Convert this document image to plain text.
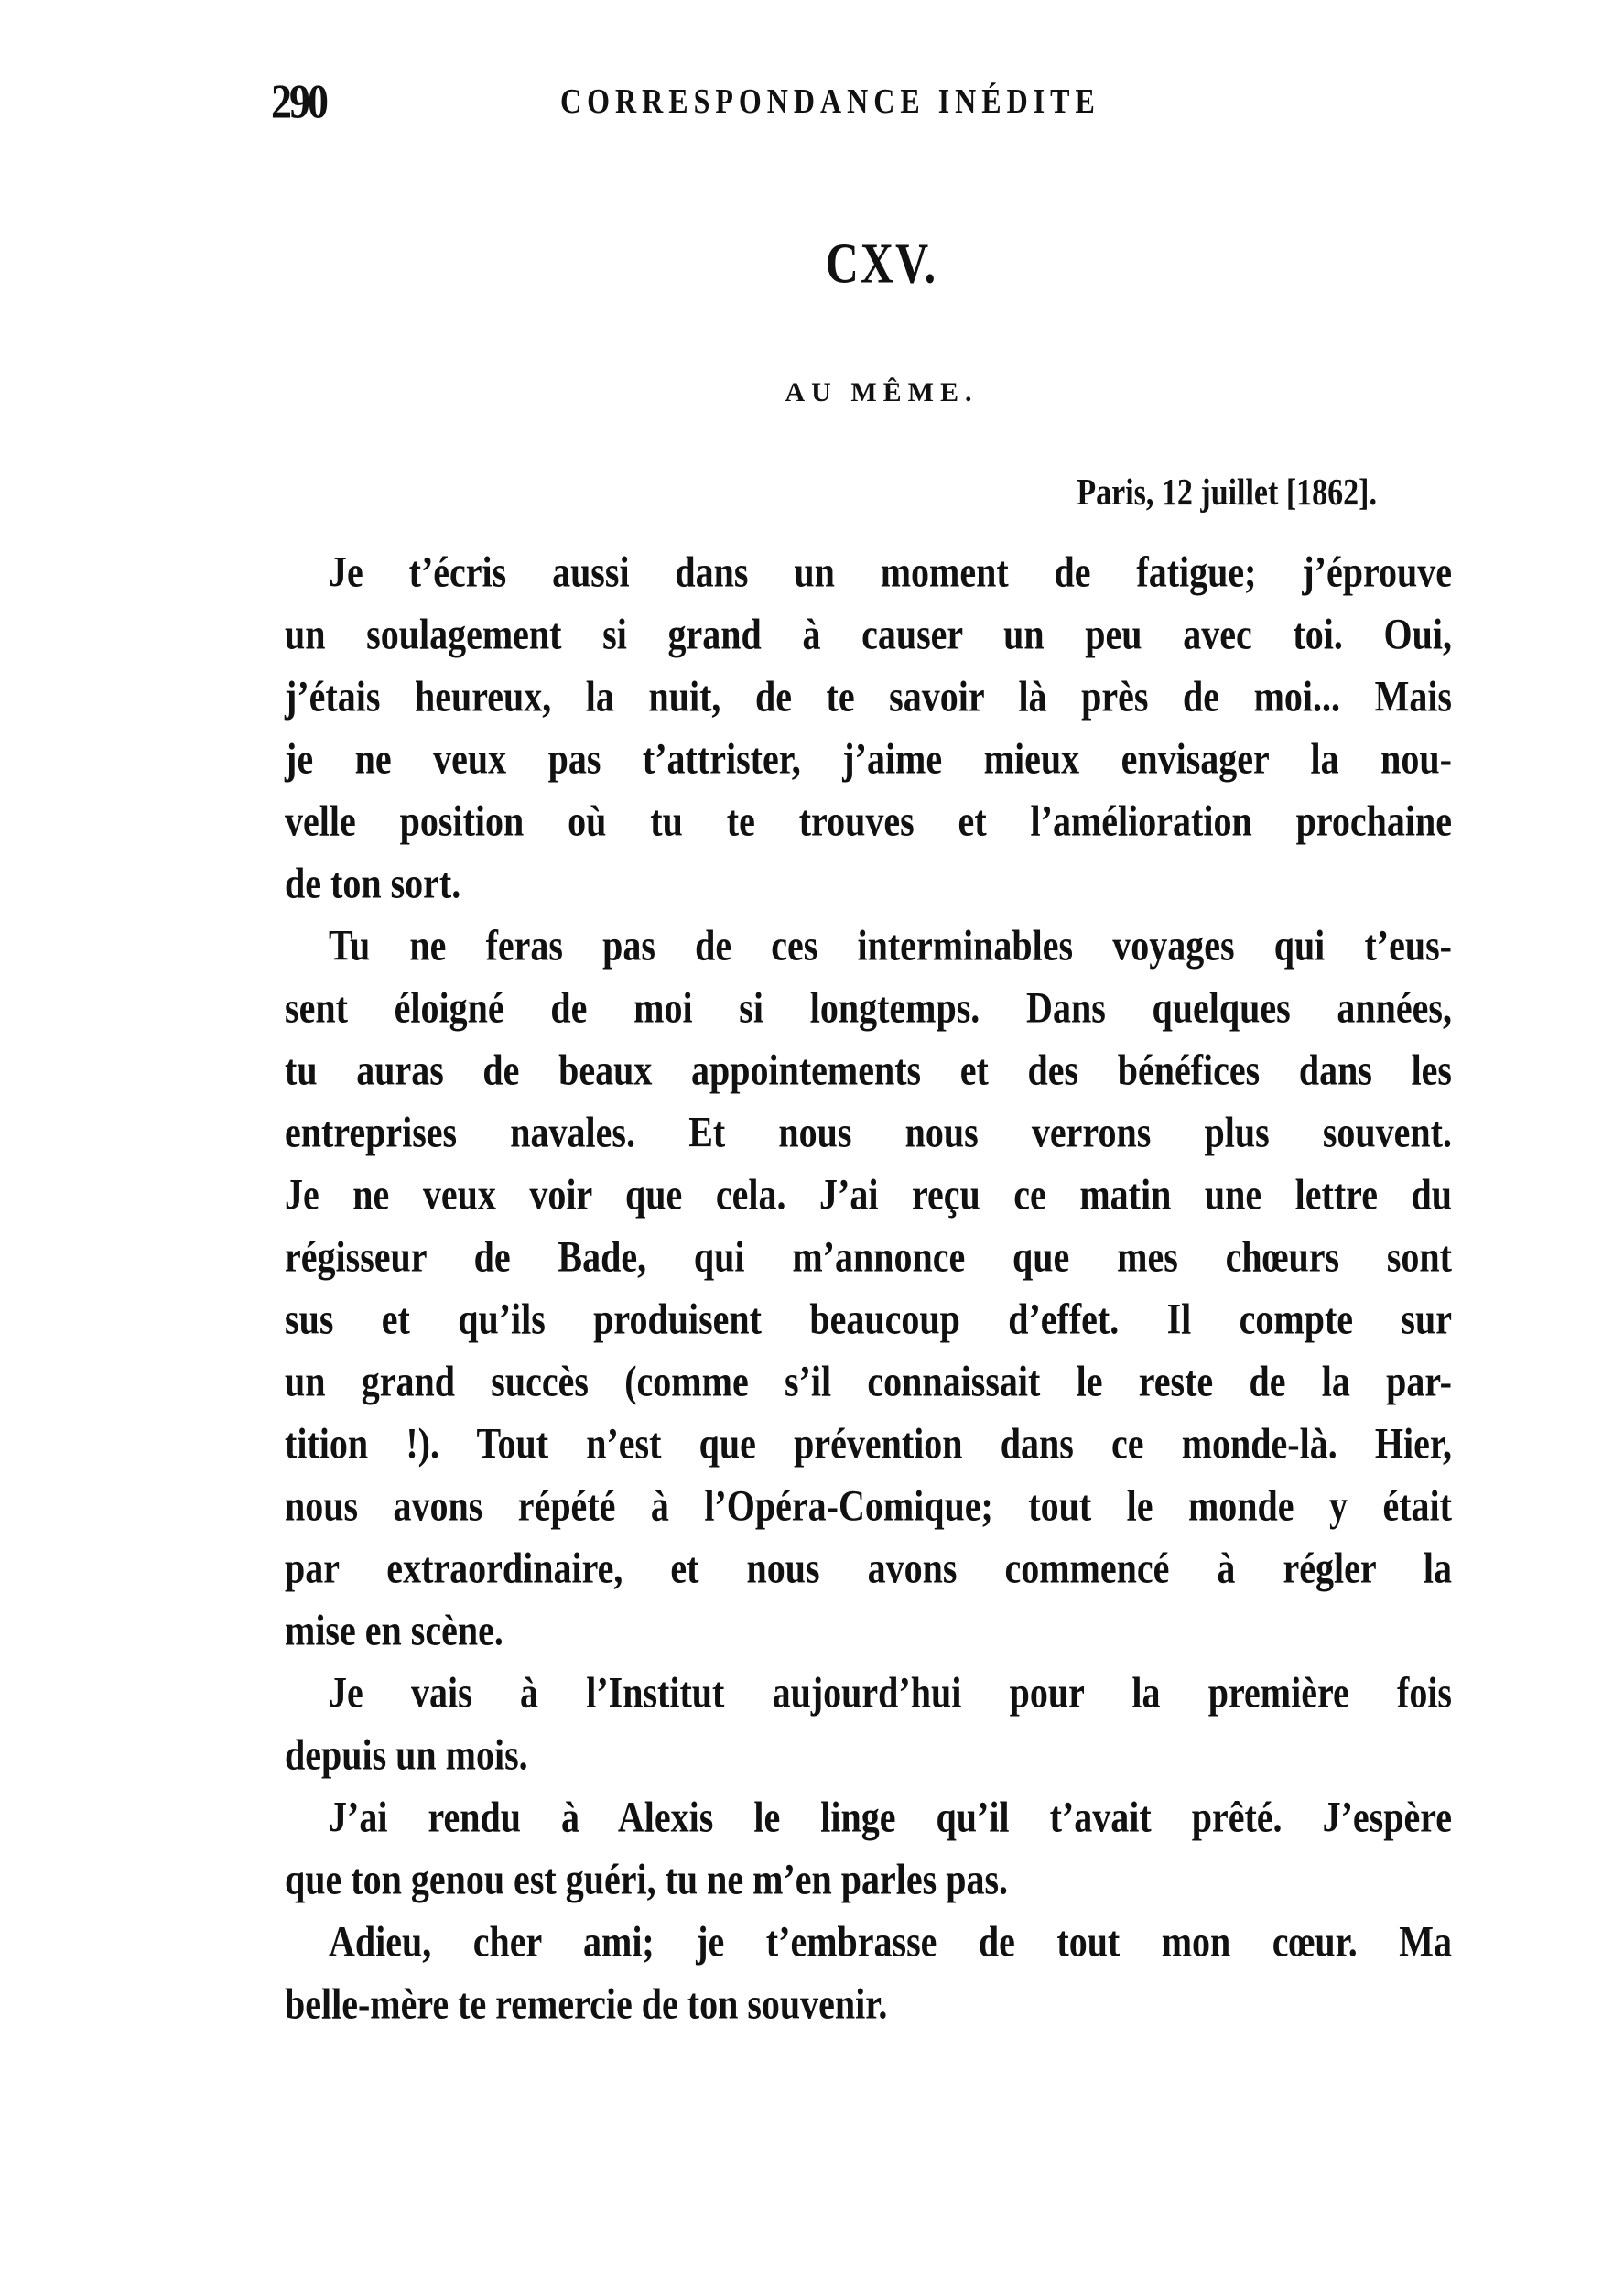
290	CORRESPONDANCE INÉDITE
CXV.
AU MÊME.
Paris, 12 juillet [1862].
Je t’écris aussi dans un moment de fatigue; j’éprouve
un soulagement si grand à causer un peu avec toi. Oui,
j’étais heureux, la nuit, de te savoir là près de moi... Mais
je ne veux pas t’attrister, j’aime mieux envisager la nou-
velle position où tu te trouves et l’amélioration prochaine
de ton sort.
Tu ne feras pas de ces interminables voyages qui t’eus-
sent éloigné de moi si longtemps. Dans quelques années,
tu auras de beaux appointements et des bénéfices dans les
entreprises navales. Et nous nous verrons plus souvent.
Je ne veux voir que cela. J’ai reçu ce matin une lettre du
régisseur de Bade, qui m’annonce que mes chœurs sont
sus et qu’ils produisent beaucoup d’effet. Il compte sur
un grand succès (comme s’il connaissait le reste de la par-
tition !). Tout n’est que prévention dans ce monde-là. Hier,
nous avons répété à l’Opéra-Comique; tout le monde y était
par extraordinaire, et nous avons commencé à régler la
mise en scène.
Je vais à l’Institut aujourd’hui pour la première fois
depuis un mois.
J’ai rendu à Alexis le linge qu’il t’avait prêté. J’espère
que ton genou est guéri, tu ne m’en parles pas.
Adieu, cher ami; je t’embrasse de tout mon cœur. Ma
belle-mère te remercie de ton souvenir.
